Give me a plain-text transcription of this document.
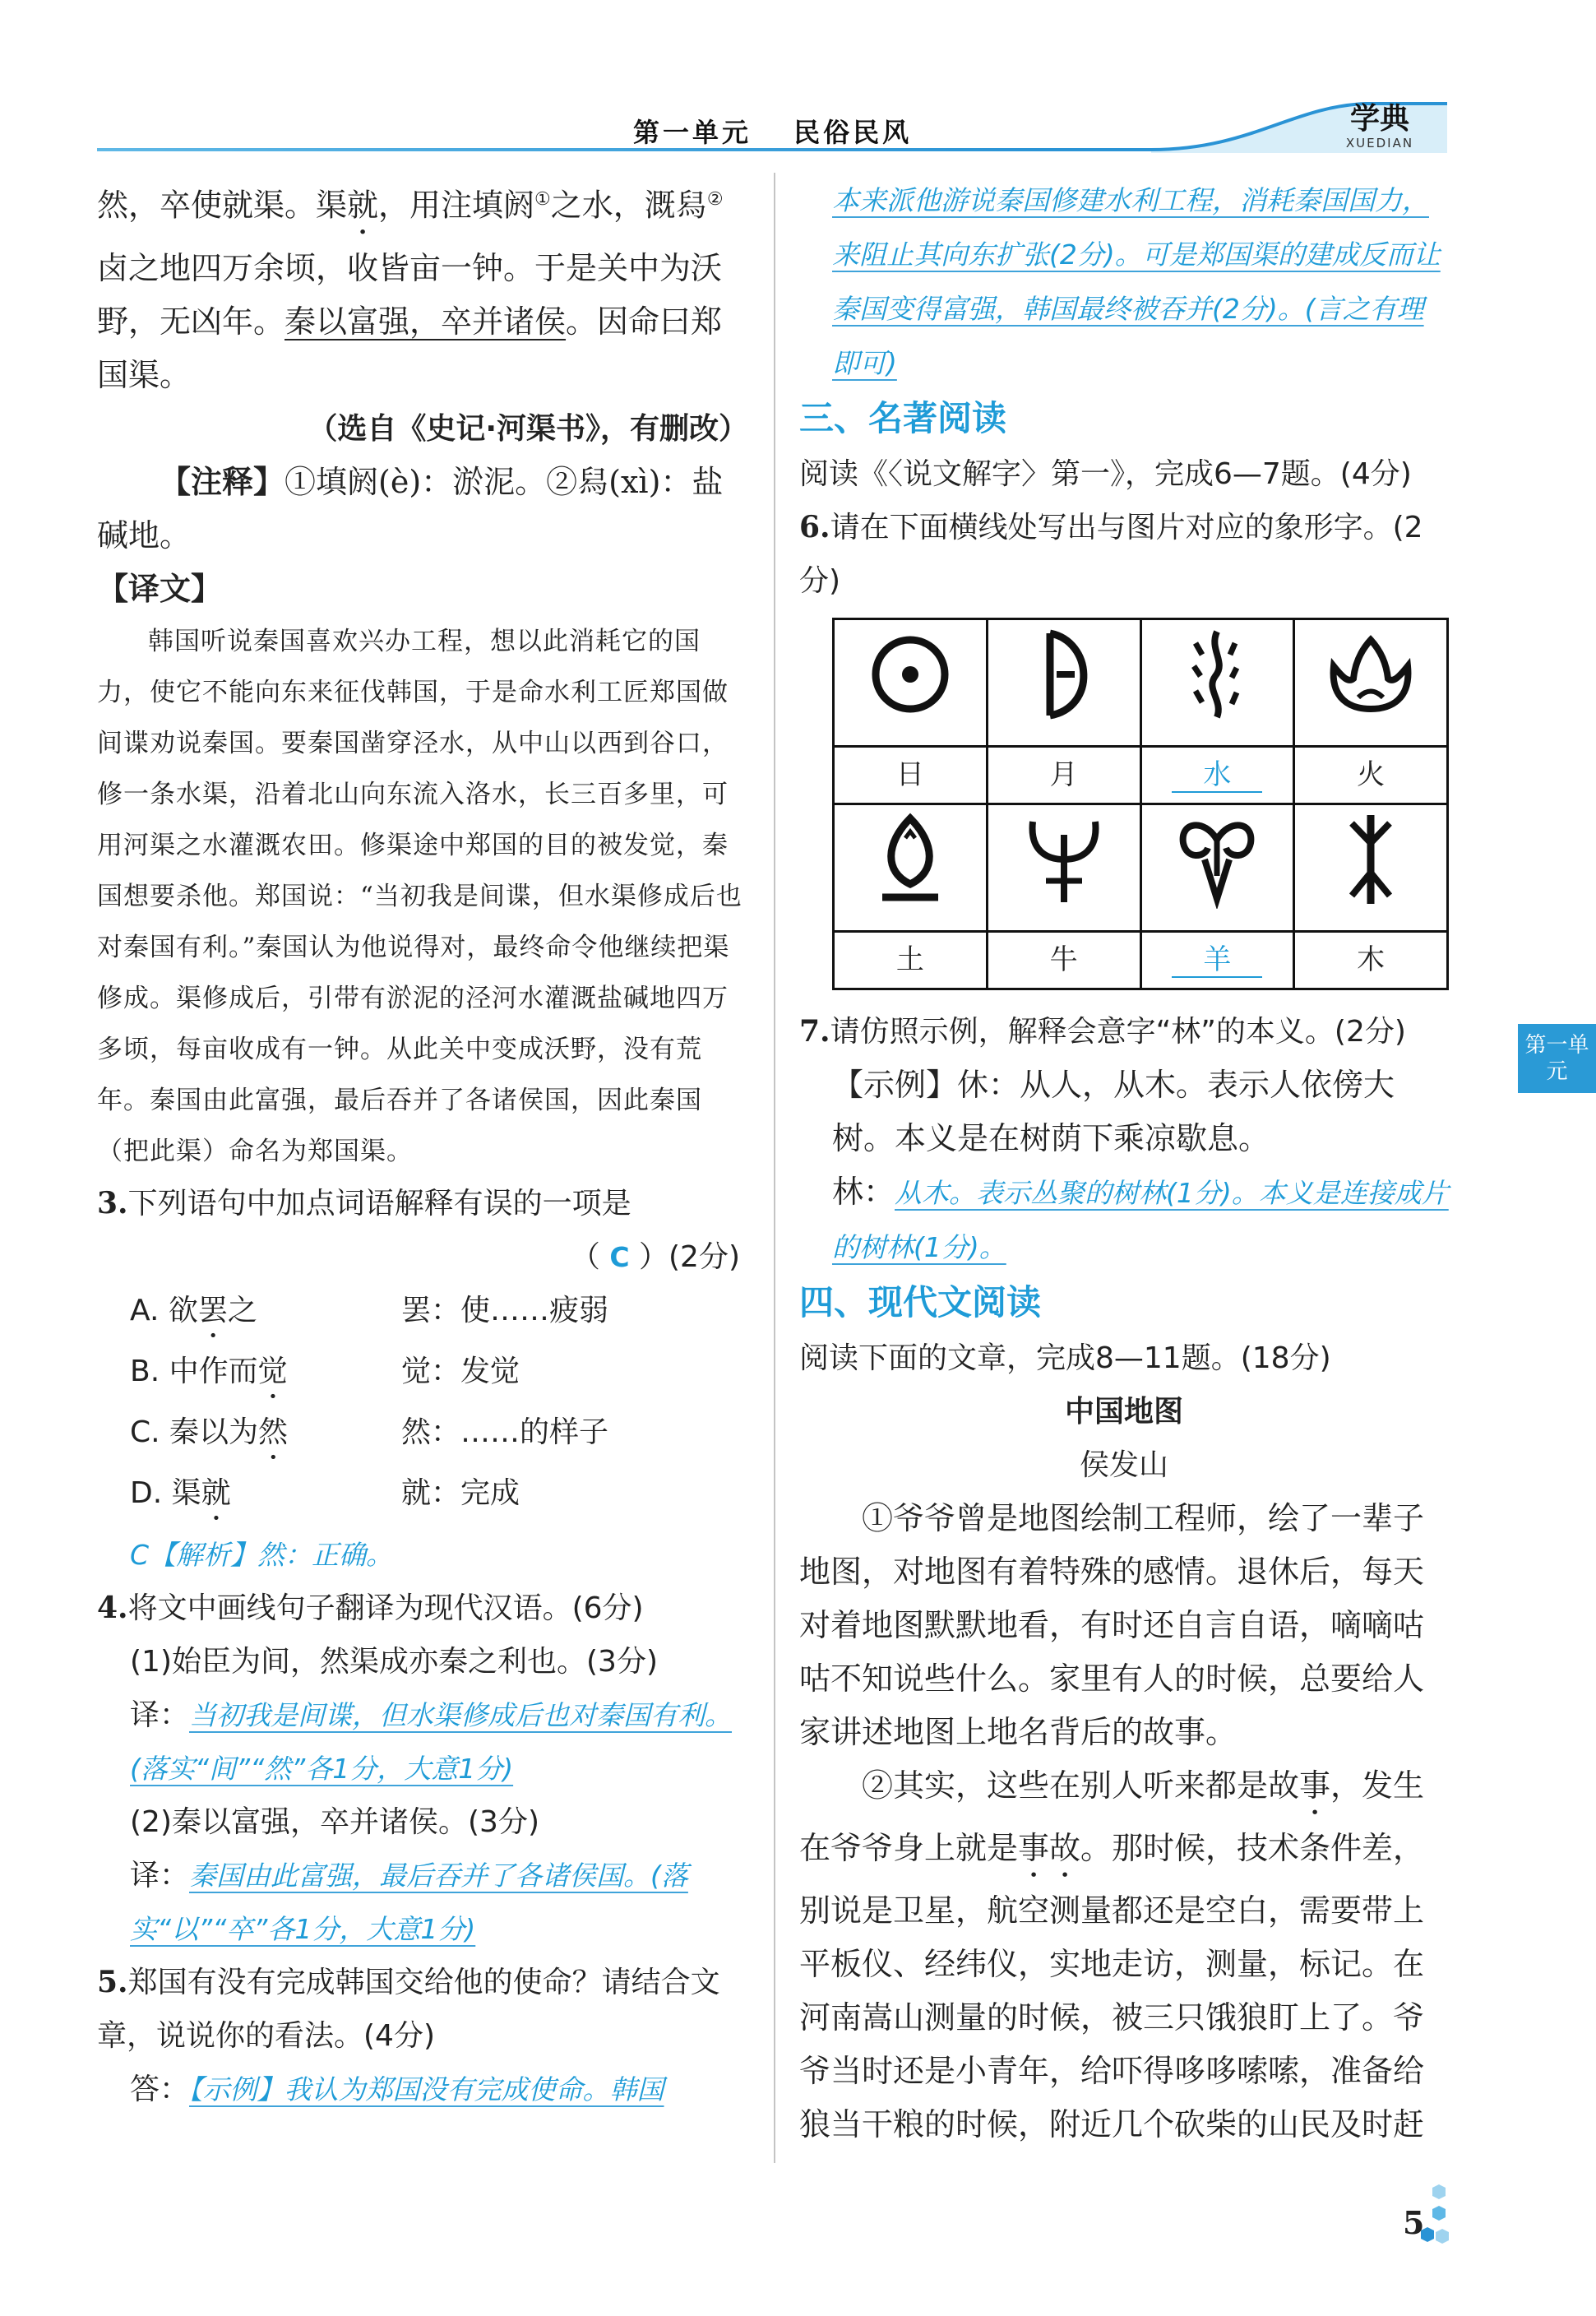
第一单元　 民俗民风	学典
XUEDIAN

然，卒使就渠。渠就，用注填阏①之水，溉舄②卤之地四万余顷，收皆亩一钟。于是关中为沃野，无凶年。秦以富强，卒并诸侯。因命曰郑国渠。

（选自《史记·河渠书》，有删改）

【注释】①填阏(è)：淤泥。②舄(xì)：盐碱地。

【译文】

韩国听说秦国喜欢兴办工程，想以此消耗它的国力，使它不能向东来征伐韩国，于是命水利工匠郑国做间谍劝说秦国。要秦国凿穿泾水，从中山以西到谷口，修一条水渠，沿着北山向东流入洛水，长三百多里，可用河渠之水灌溉农田。修渠途中郑国的目的被发觉，秦国想要杀他。郑国说：“当初我是间谍，但水渠修成后也对秦国有利。”秦国认为他说得对，最终命令他继续把渠修成。渠修成后，引带有淤泥的泾河水灌溉盐碱地四万多顷，每亩收成有一钟。从此关中变成沃野，没有荒年。秦国由此富强，最后吞并了各诸侯国，因此秦国（把此渠）命名为郑国渠。

3.下列语句中加点词语解释有误的一项是

（ C ）(2分)

A. 欲罢之	罢：使……疲弱
B. 中作而觉	觉：发觉
C. 秦以为然	然：……的样子
D. 渠就	就：完成

C【解析】然：正确。

4.将文中画线句子翻译为现代汉语。(6分)

(1)始臣为间，然渠成亦秦之利也。(3分)

译：当初我是间谍，但水渠修成后也对秦国有利。(落实“间”“然”各1分，大意1分)

(2)秦以富强，卒并诸侯。(3分)

译：秦国由此富强，最后吞并了各诸侯国。(落实“以”“卒”各1分，大意1分)

5.郑国有没有完成韩国交给他的使命？请结合文章，说说你的看法。(4分)

答：【示例】我认为郑国没有完成使命。韩国

本来派他游说秦国修建水利工程，消耗秦国国力，来阻止其向东扩张(2分)。可是郑国渠的建成反而让秦国变得富强，韩国最终被吞并(2分)。(言之有理即可)

三、名著阅读

阅读《〈说文解字〉第一》，完成6—7题。(4分)

6.请在下面横线处写出与图片对应的象形字。(2分)

日	月	水	火

土	牛	羊	木

7.请仿照示例，解释会意字“林”的本义。(2分)

【示例】休：从人，从木。表示人依傍大树。本义是在树荫下乘凉歇息。

林：从木。表示丛聚的树林(1分)。本义是连接成片的树林(1分)。

四、现代文阅读

阅读下面的文章，完成8—11题。(18分)

中国地图

侯发山

①爷爷曾是地图绘制工程师，绘了一辈子地图，对地图有着特殊的感情。退休后，每天对着地图默默地看，有时还自言自语，嘀嘀咕咕不知说些什么。家里有人的时候，总要给人家讲述地图上地名背后的故事。

②其实，这些在别人听来都是故事，发生在爷爷身上就是事故。那时候，技术条件差，别说是卫星，航空测量都还是空白，需要带上平板仪、经纬仪，实地走访，测量，标记。在河南嵩山测量的时候，被三只饿狼盯上了。爷爷当时还是小青年，给吓得哆哆嗦嗦，准备给狼当干粮的时候，附近几个砍柴的山民及时赶

第一单元
5
